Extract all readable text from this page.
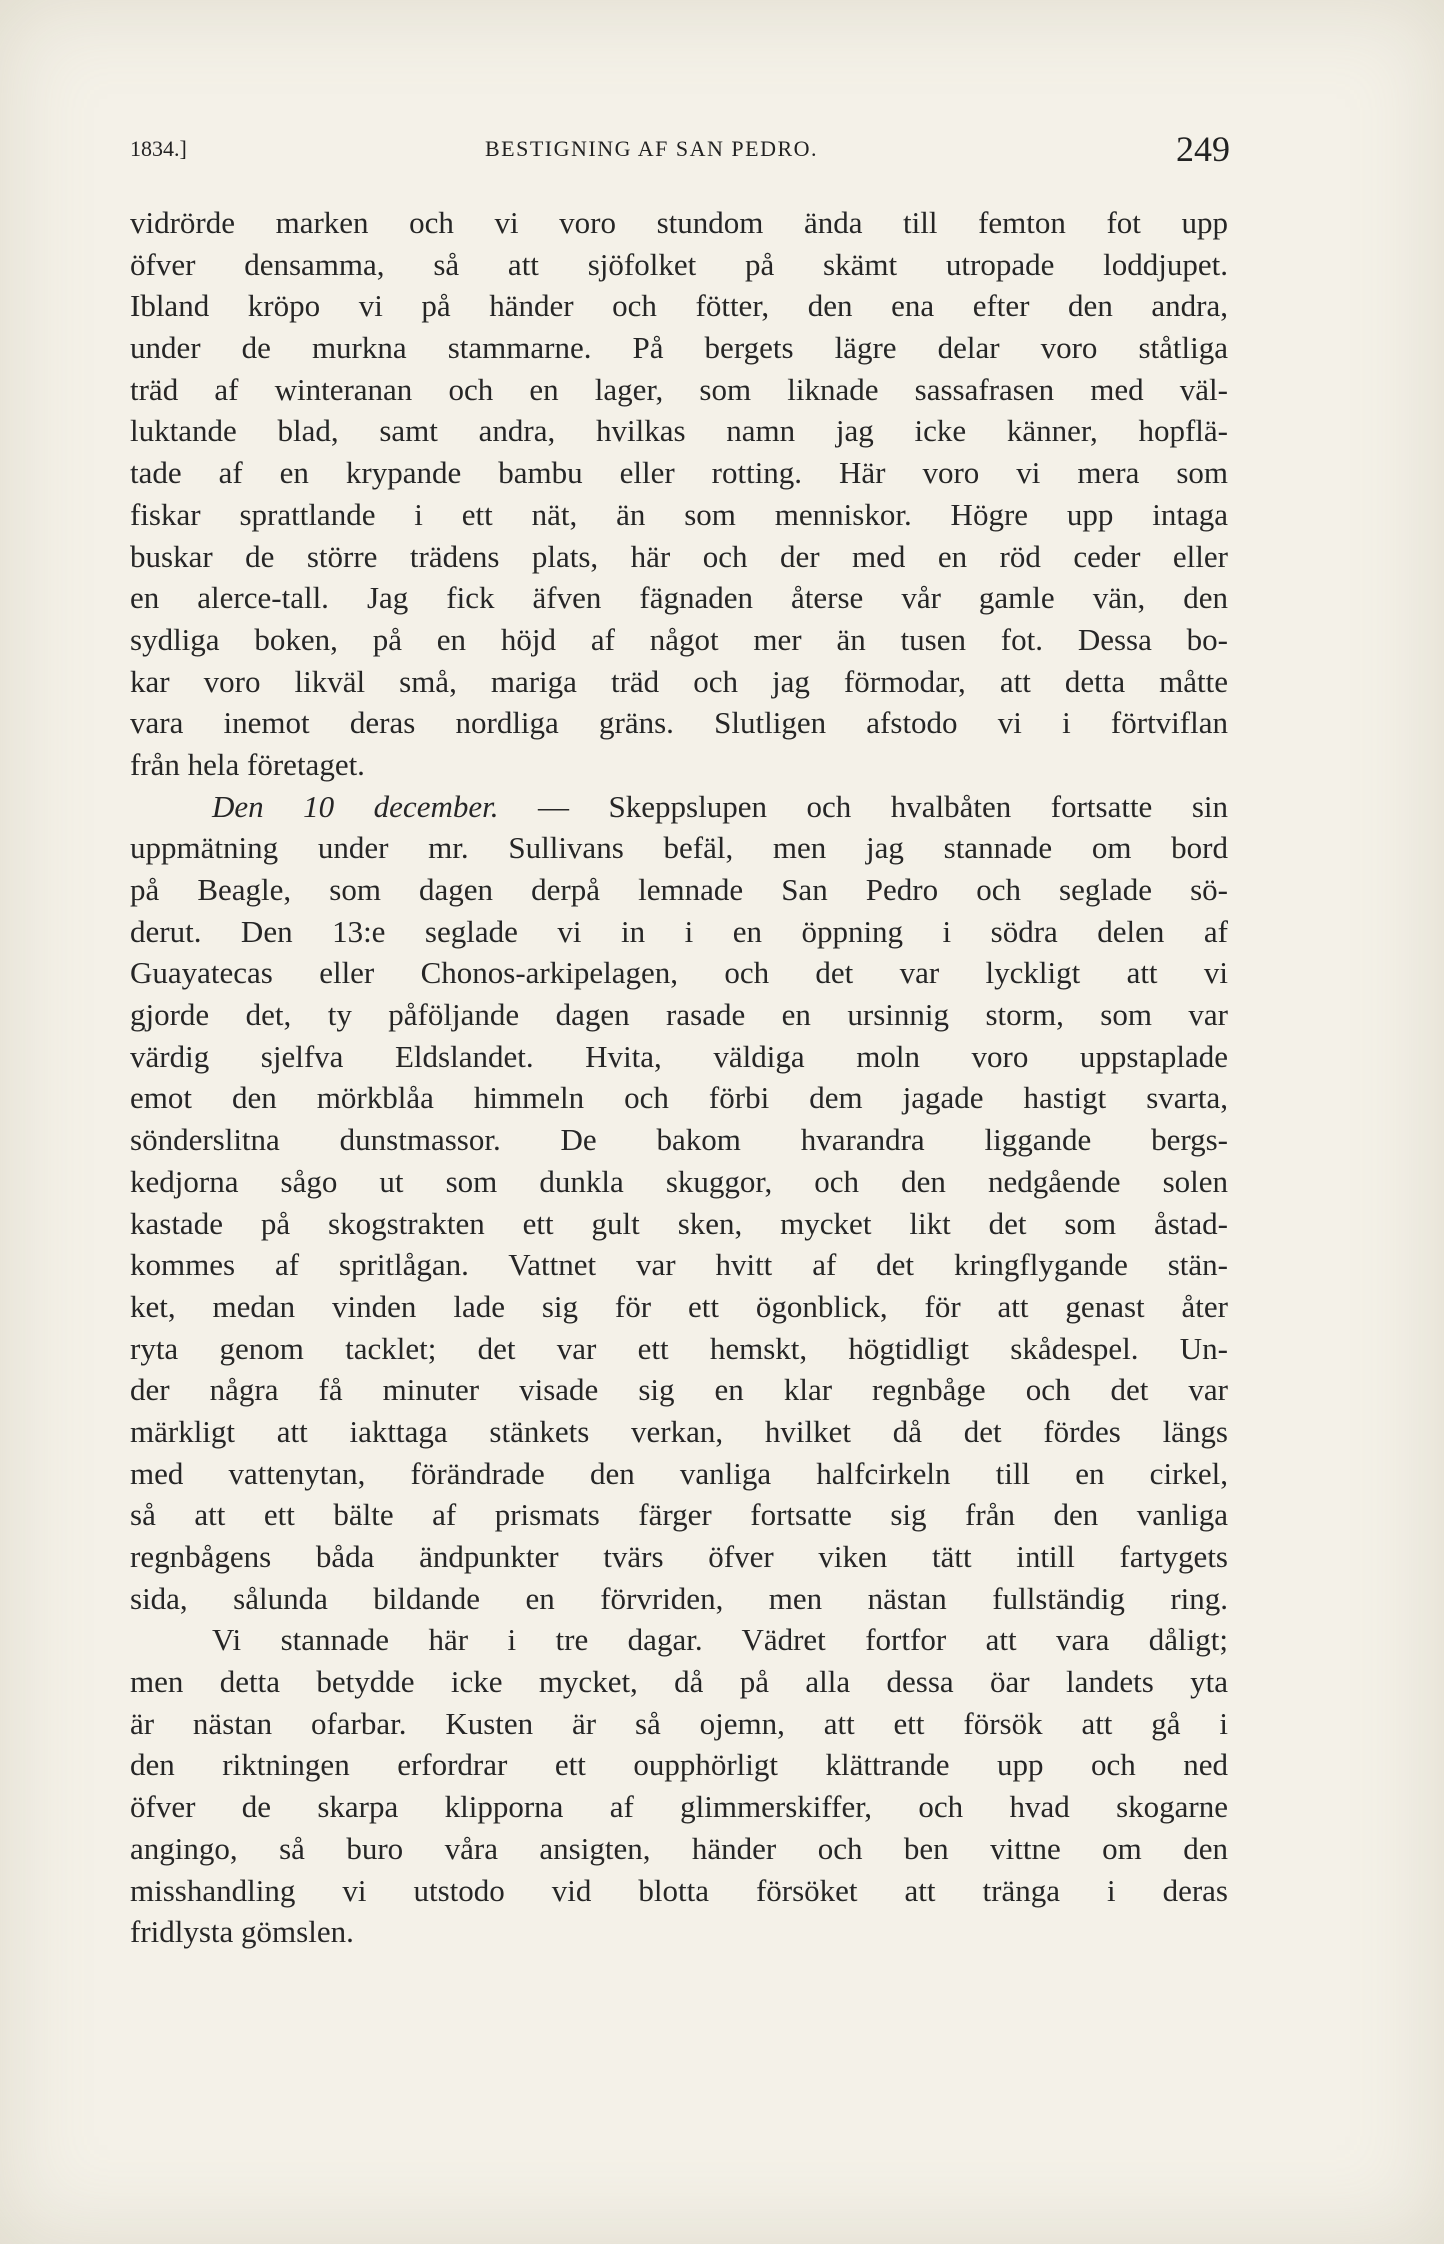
1834.]	BESTIGNING AF SAN PEDRO.	249
vidrörde marken och vi voro stundom ända till femton fot upp
öfver densamma, så att sjöfolket på skämt utropade loddjupet.
Ibland kröpo vi på händer och fötter, den ena efter den andra,
under de murkna stammarne. På bergets lägre delar voro ståtliga
träd af winteranan och en lager, som liknade sassafrasen med väl-
luktande blad, samt andra, hvilkas namn jag icke känner, hopflä-
tade af en krypande bambu eller rotting. Här voro vi mera som
fiskar sprattlande i ett nät, än som menniskor. Högre upp intaga
buskar de större trädens plats, här och der med en röd ceder eller
en alerce-tall. Jag fick äfven fägnaden återse vår gamle vän, den
sydliga boken, på en höjd af något mer än tusen fot. Dessa bo-
kar voro likväl små, mariga träd och jag förmodar, att detta måtte
vara inemot deras nordliga gräns. Slutligen afstodo vi i förtviflan
från hela företaget.
Den 10 december. — Skeppslupen och hvalbåten fortsatte sin
uppmätning under mr. Sullivans befäl, men jag stannade om bord
på Beagle, som dagen derpå lemnade San Pedro och seglade sö-
derut. Den 13:e seglade vi in i en öppning i södra delen af
Guayatecas eller Chonos-arkipelagen, och det var lyckligt att vi
gjorde det, ty påföljande dagen rasade en ursinnig storm, som var
värdig sjelfva Eldslandet. Hvita, väldiga moln voro uppstaplade
emot den mörkblåa himmeln och förbi dem jagade hastigt svarta,
sönderslitna dunstmassor. De bakom hvarandra liggande bergs-
kedjorna sågo ut som dunkla skuggor, och den nedgående solen
kastade på skogstrakten ett gult sken, mycket likt det som åstad-
kommes af spritlågan. Vattnet var hvitt af det kringflygande stän-
ket, medan vinden lade sig för ett ögonblick, för att genast åter
ryta genom tacklet; det var ett hemskt, högtidligt skådespel. Un-
der några få minuter visade sig en klar regnbåge och det var
märkligt att iakttaga stänkets verkan, hvilket då det fördes längs
med vattenytan, förändrade den vanliga halfcirkeln till en cirkel,
så att ett bälte af prismats färger fortsatte sig från den vanliga
regnbågens båda ändpunkter tvärs öfver viken tätt intill fartygets
sida, sålunda bildande en förvriden, men nästan fullständig ring.
Vi stannade här i tre dagar. Vädret fortfor att vara dåligt;
men detta betydde icke mycket, då på alla dessa öar landets yta
är nästan ofarbar. Kusten är så ojemn, att ett försök att gå i
den riktningen erfordrar ett oupphörligt klättrande upp och ned
öfver de skarpa klipporna af glimmerskiffer, och hvad skogarne
angingo, så buro våra ansigten, händer och ben vittne om den
misshandling vi utstodo vid blotta försöket att tränga i deras
fridlysta gömslen.
